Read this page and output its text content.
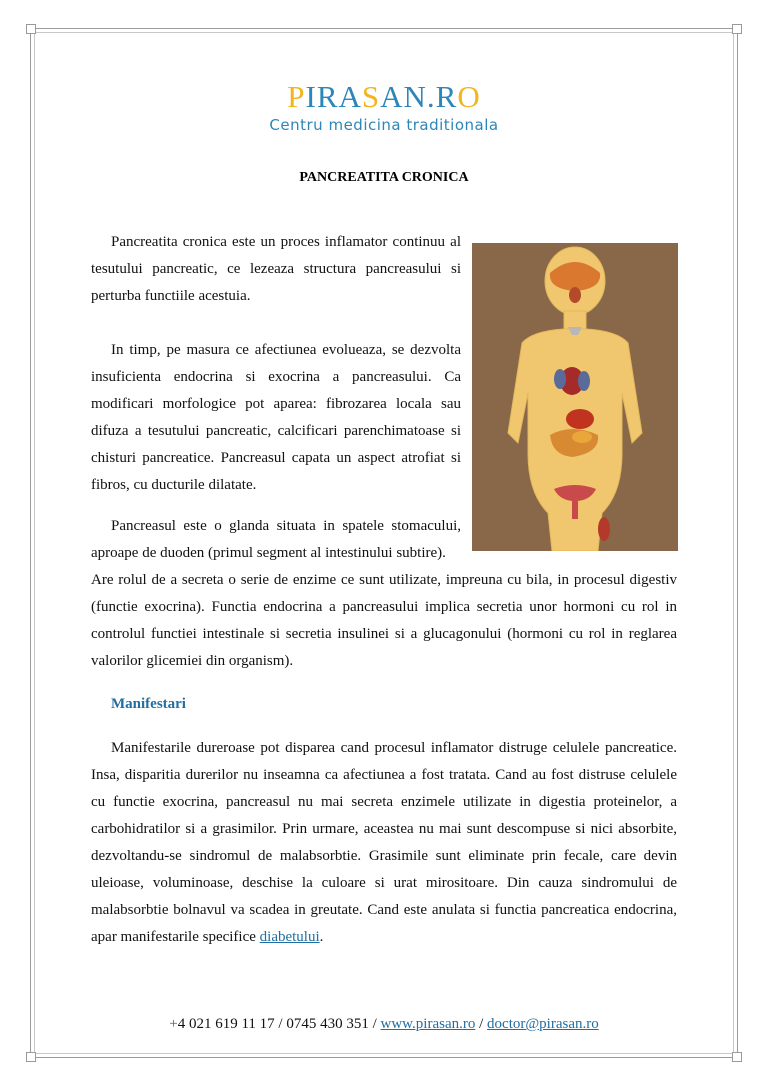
PIRASAN.RO
Centru medicina traditionala
PANCREATITA CRONICA
Pancreatita cronica este un proces inflamator continuu al tesutului pancreatic, ce lezeaza structura pancreasului si perturba functiile acestuia.
In timp, pe masura ce afectiunea evolueaza, se dezvolta insuficienta endocrina si exocrina a pancreasului. Ca modificari morfologice pot aparea: fibrozarea locala sau difuza a tesutului pancreatic, calcificari parenchimatoase si chisturi pancreatice. Pancreasul capata un aspect atrofiat si fibros, cu ducturile dilatate.
Pancreasul este o glanda situata in spatele stomacului, aproape de duoden (primul segment al intestinului subtire).
Are rolul de a secreta o serie de enzime ce sunt utilizate, impreuna cu bila, in procesul digestiv (functie exocrina). Functia endocrina a pancreasului implica secretia unor hormoni cu rol in controlul functiei intestinale si secretia insulinei si a glucagonului (hormoni cu rol in reglarea valorilor glicemiei din organism).
Manifestari
Manifestarile dureroase pot disparea cand procesul inflamator distruge celulele pancreatice. Insa, disparitia durerilor nu inseamna ca afectiunea a fost tratata. Cand au fost distruse celulele cu functie exocrina, pancreasul nu mai secreta enzimele utilizate in digestia proteinelor, a carbohidratilor si a grasimilor. Prin urmare, aceastea nu mai sunt descompuse si nici absorbite, dezvoltandu-se sindromul de malabsorbtie. Grasimile sunt eliminate prin fecale, care devin uleioase, voluminoase, deschise la culoare si urat mirositoare. Din cauza sindromului de malabsorbtie bolnavul va scadea in greutate. Cand este anulata si functia pancreatica endocrina, apar manifestarile specifice diabetului.
+4 021 619 11 17 / 0745 430 351 / www.pirasan.ro / doctor@pirasan.ro
